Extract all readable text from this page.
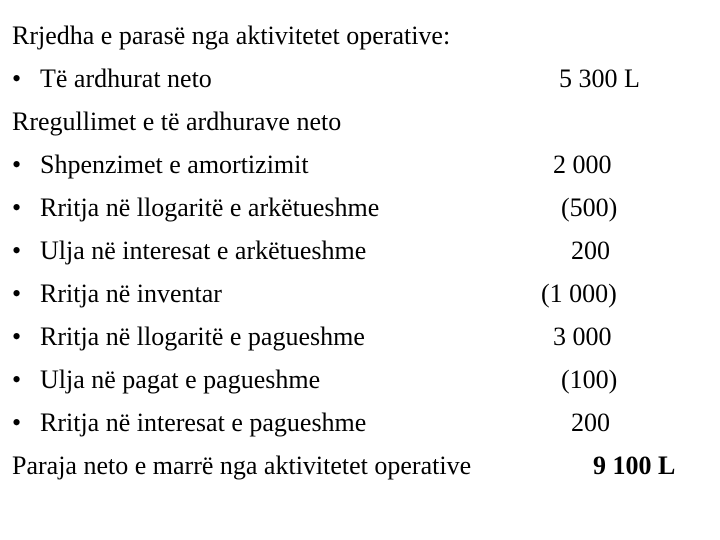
Rrjedha e parasë nga aktivitetet operative:
• Të ardhurat neto	5 300 L
Rregullimet e të ardhurave neto
• Shpenzimet e amortizimit	2 000
• Rritja në llogaritë e arkëtueshme	(500)
• Ulja në interesat e arkëtueshme	200
• Rritja në inventar	(1 000)
• Rritja në llogaritë e pagueshme	3 000
• Ulja në pagat e pagueshme	(100)
• Rritja në interesat e pagueshme	200
Paraja neto e marrë nga aktivitetet operative	9 100 L
